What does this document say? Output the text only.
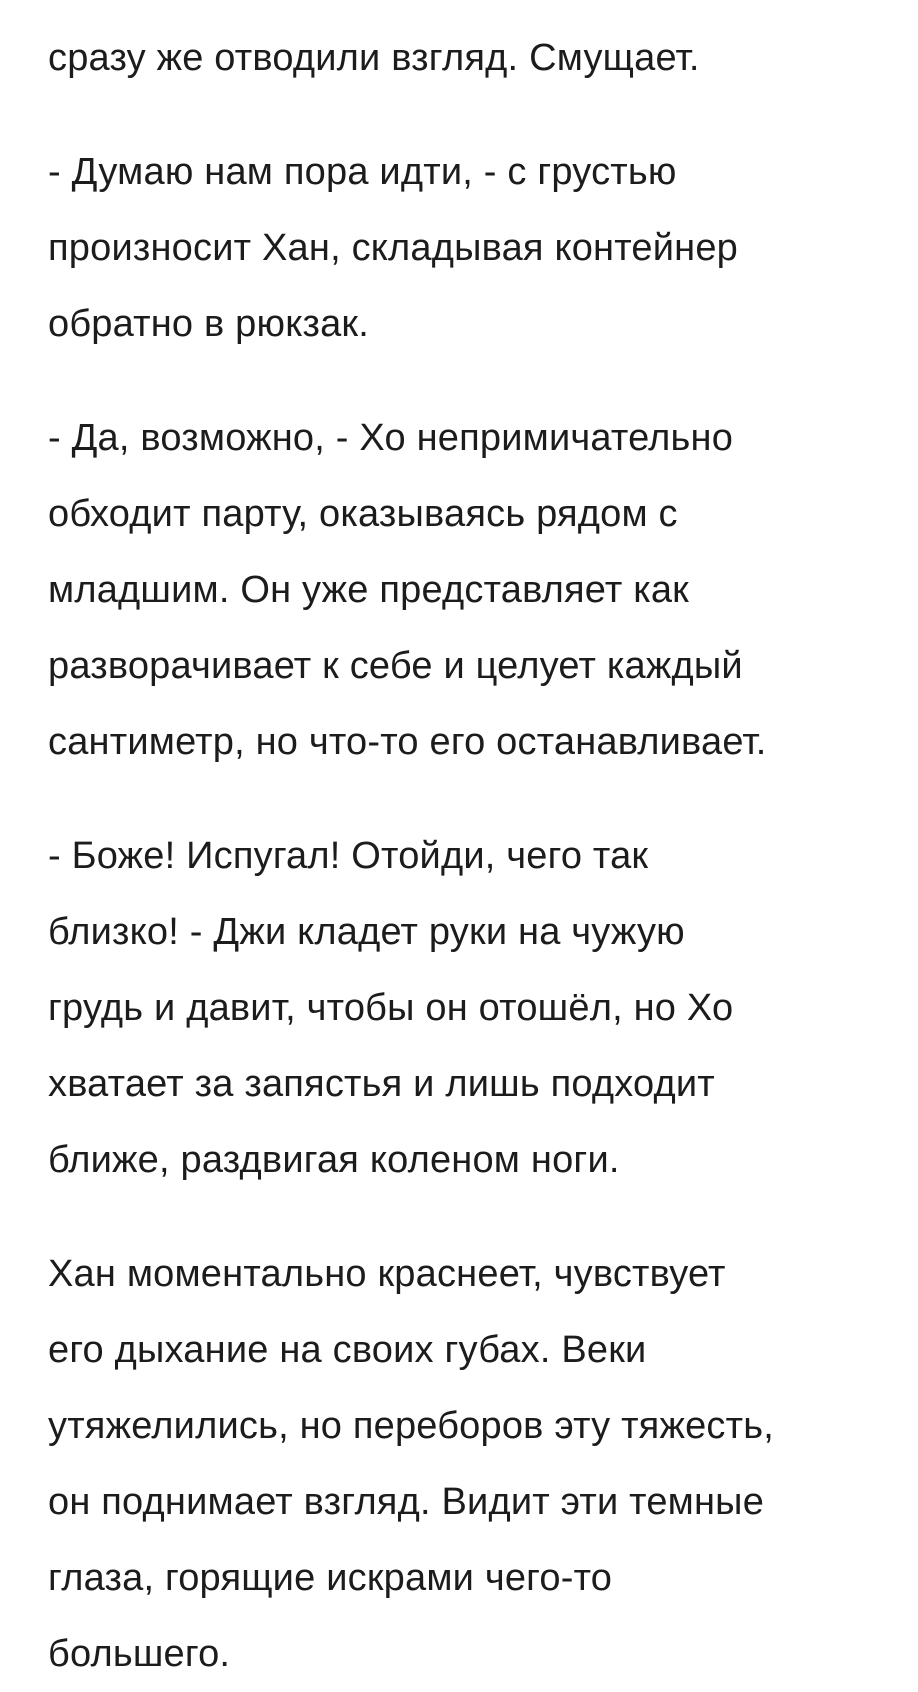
сразу же отводили взгляд. Смущает.
- Думаю нам пора идти, - с грустью
произносит Хан, складывая контейнер
обратно в рюкзак.
- Да, возможно, - Хо непримичательно
обходит парту, оказываясь рядом с
младшим. Он уже представляет как
разворачивает к себе и целует каждый
сантиметр, но что-то его останавливает.
- Боже! Испугал! Отойди, чего так
близко! - Джи кладет руки на чужую
грудь и давит, чтобы он отошёл, но Хо
хватает за запястья и лишь подходит
ближе, раздвигая коленом ноги.
Хан моментально краснеет, чувствует
его дыхание на своих губах. Веки
утяжелились, но переборов эту тяжесть,
он поднимает взгляд. Видит эти темные
глаза, горящие искрами чего-то
большего.
